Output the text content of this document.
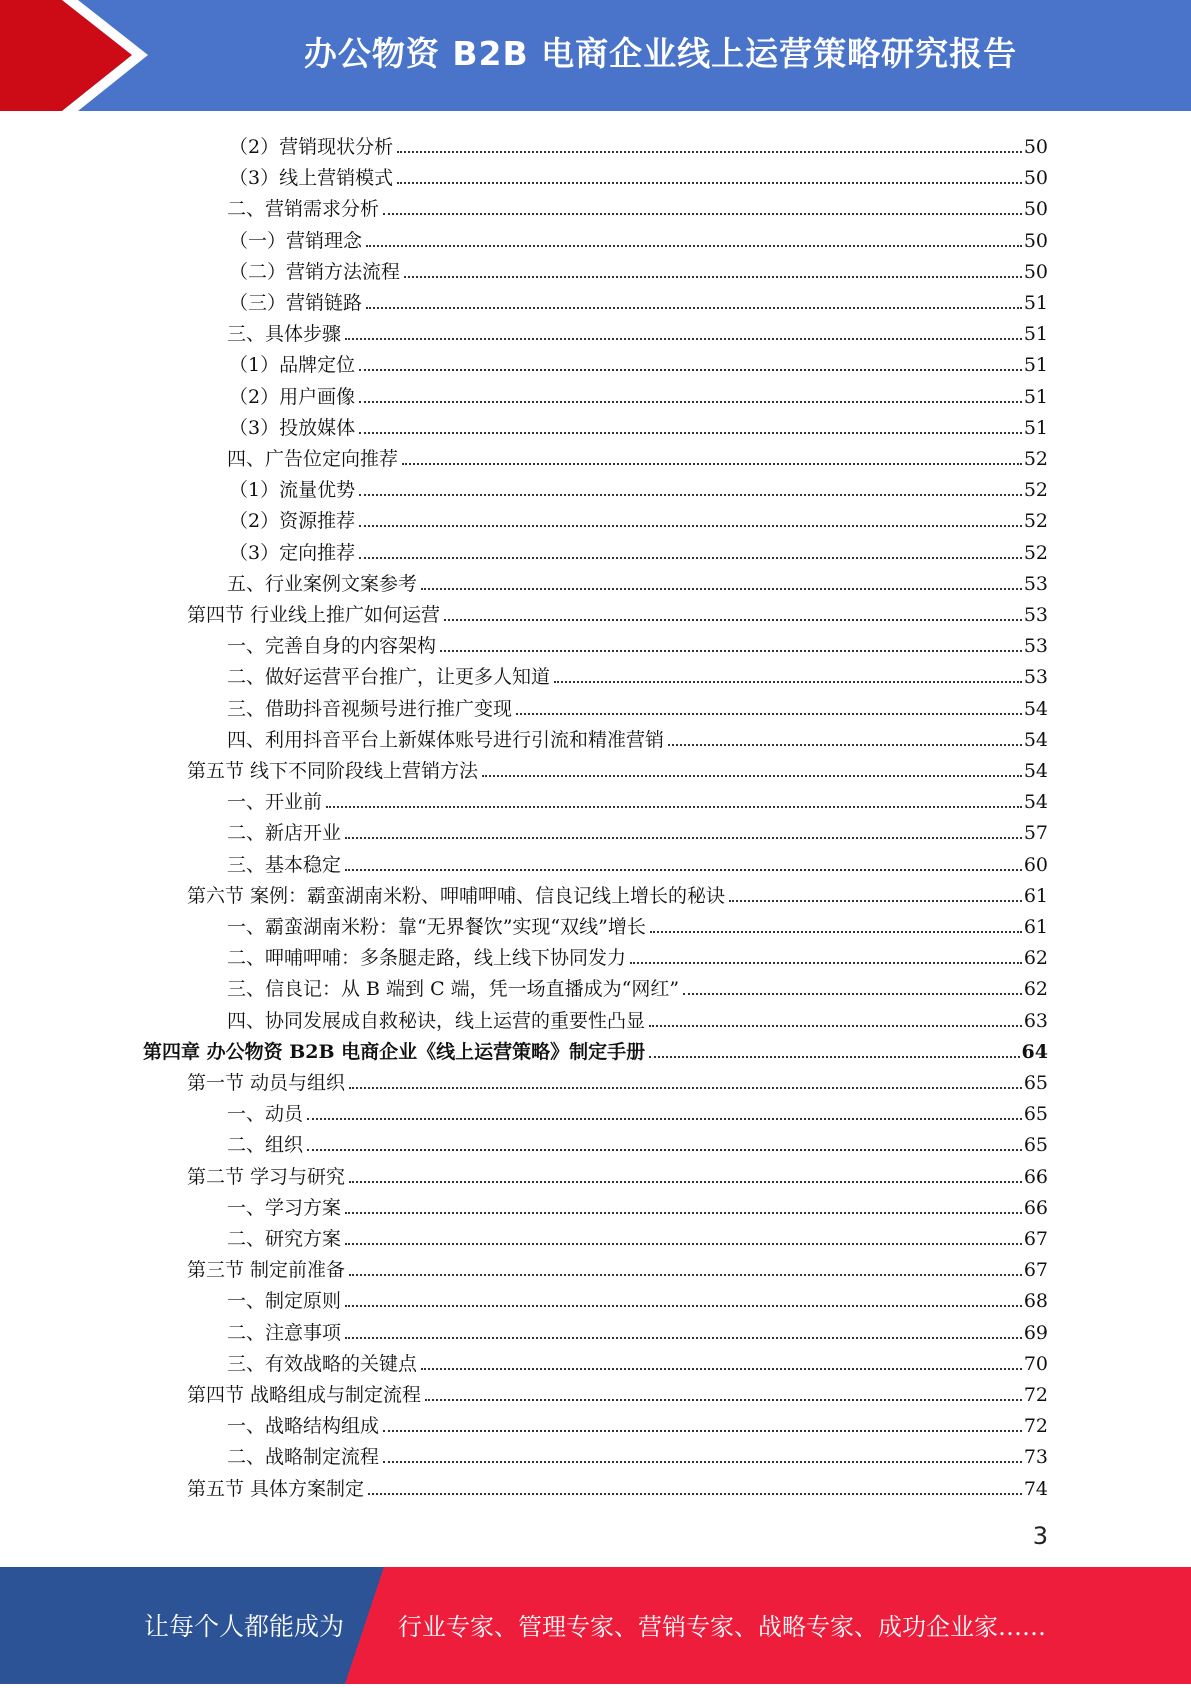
办公物资 B2B 电商企业线上运营策略研究报告
（2）营销现状分析	50
（3）线上营销模式	50
二、营销需求分析	50
（一）营销理念	50
（二）营销方法流程	50
（三）营销链路	51
三、具体步骤	51
（1）品牌定位	51
（2）用户画像	51
（3）投放媒体	51
四、广告位定向推荐	52
（1）流量优势	52
（2）资源推荐	52
（3）定向推荐	52
五、行业案例文案参考	53
第四节 行业线上推广如何运营	53
一、完善自身的内容架构	53
二、做好运营平台推广，让更多人知道	53
三、借助抖音视频号进行推广变现	54
四、利用抖音平台上新媒体账号进行引流和精准营销	54
第五节 线下不同阶段线上营销方法	54
一、开业前	54
二、新店开业	57
三、基本稳定	60
第六节 案例：霸蛮湖南米粉、呷哺呷哺、信良记线上增长的秘诀	61
一、霸蛮湖南米粉：靠“无界餐饮”实现“双线”增长	61
二、呷哺呷哺：多条腿走路，线上线下协同发力	62
三、信良记：从 B 端到 C 端，凭一场直播成为“网红”	62
四、协同发展成自救秘诀，线上运营的重要性凸显	63
第四章 办公物资 B2B 电商企业《线上运营策略》制定手册	64
第一节 动员与组织	65
一、动员	65
二、组织	65
第二节 学习与研究	66
一、学习方案	66
二、研究方案	67
第三节 制定前准备	67
一、制定原则	68
二、注意事项	69
三、有效战略的关键点	70
第四节 战略组成与制定流程	72
一、战略结构组成	72
二、战略制定流程	73
第五节 具体方案制定	74
3
让每个人都能成为 行业专家、管理专家、营销专家、战略专家、成功企业家……
